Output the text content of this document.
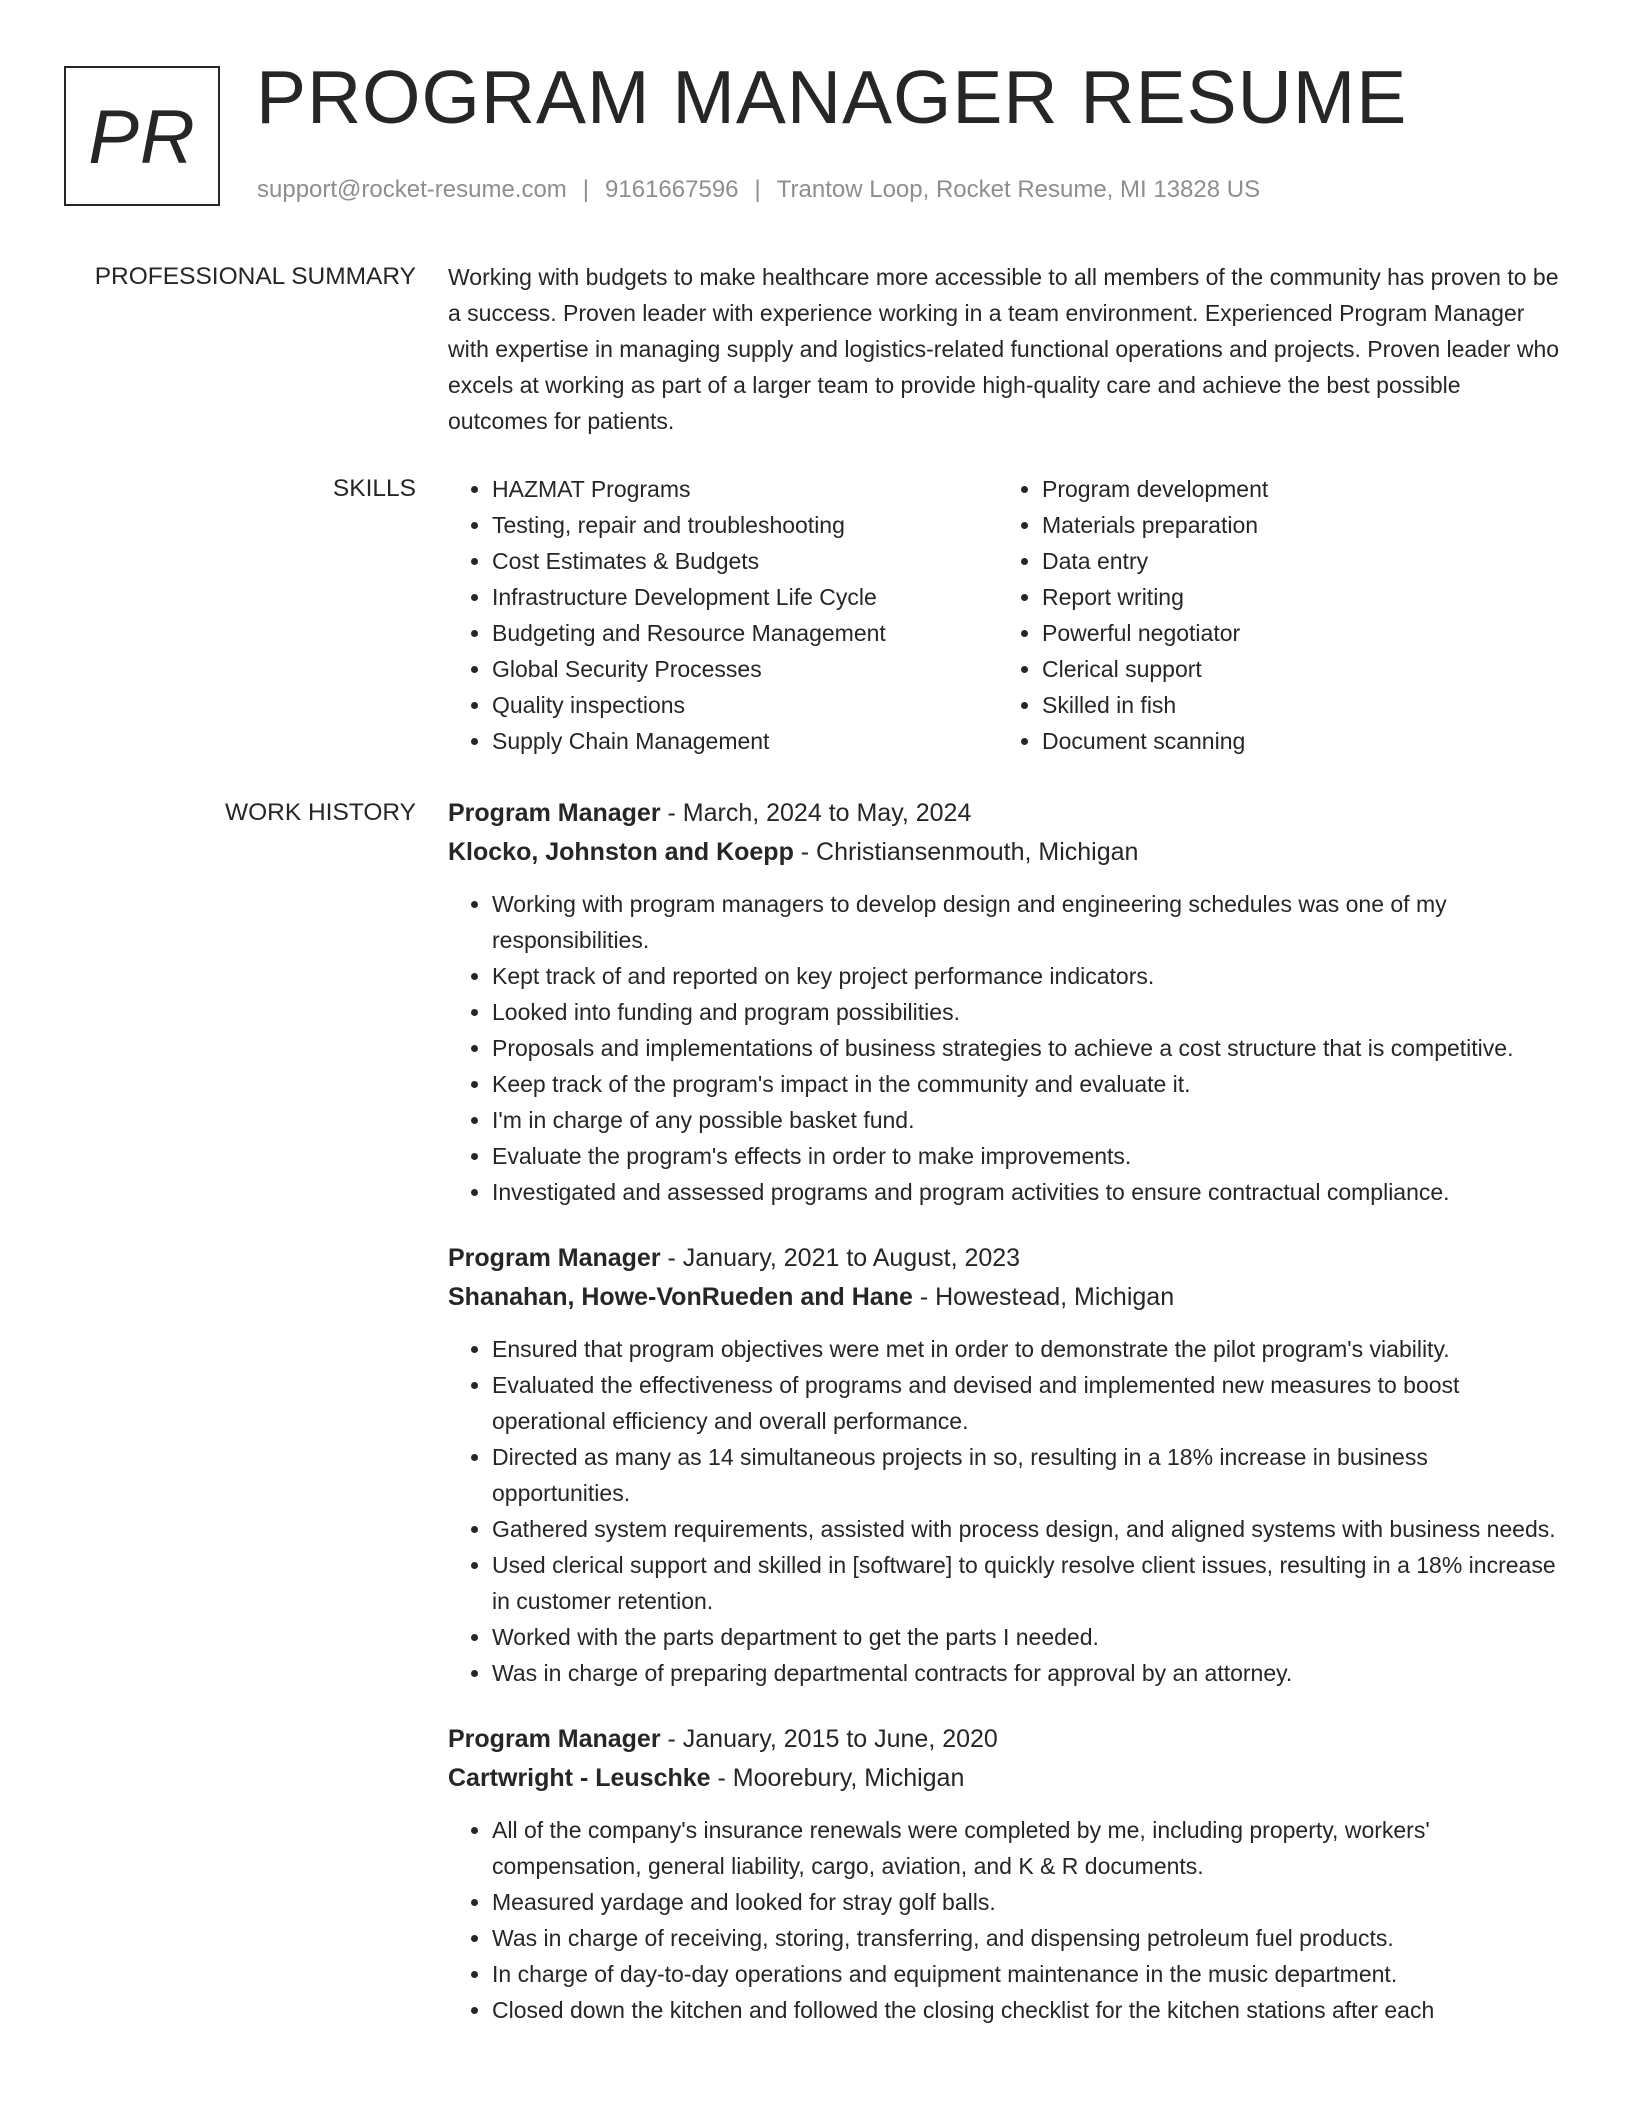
PR PROGRAM MANAGER RESUME
support@rocket-resume.com | 9161667596 | Trantow Loop, Rocket Resume, MI 13828 US
PROFESSIONAL SUMMARY Working with budgets to make healthcare more accessible to all members of the community has proven to be a success. Proven leader with experience working in a team environment. Experienced Program Manager with expertise in managing supply and logistics-related functional operations and projects. Proven leader who excels at working as part of a larger team to provide high-quality care and achieve the best possible outcomes for patients.

SKILLS
•	HAZMAT Programs
• Testing, repair and troubleshooting
• Cost Estimates & Budgets
• Infrastructure Development Life Cycle
• Budgeting and Resource Management
• Global Security Processes
• Quality inspections
• Supply Chain Management
• Program development
• Materials preparation
• Data entry
• Report writing
• Powerful negotiator
• Clerical support
• Skilled in fish
• Document scanning
WORK HISTORY Program Manager - March, 2024 to May, 2024
Klocko, Johnston and Koepp - Christiansenmouth, Michigan
• Working with program managers to develop design and engineering schedules was one of my responsibilities.
• Kept track of and reported on key project performance indicators.
• Looked into funding and program possibilities.
• Proposals and implementations of business strategies to achieve a cost structure that is competitive.
• Keep track of the program's impact in the community and evaluate it.
• I'm in charge of any possible basket fund.
• Evaluate the program's effects in order to make improvements.
• Investigated and assessed programs and program activities to ensure contractual compliance.
Program Manager - January, 2021 to August, 2023
Shanahan, Howe-VonRueden and Hane - Howestead, Michigan
• Ensured that program objectives were met in order to demonstrate the pilot program's viability.
• Evaluated the effectiveness of programs and devised and implemented new measures to boost operational efficiency and overall performance.
• Directed as many as 14 simultaneous projects in so, resulting in a 18% increase in business opportunities.
• Gathered system requirements, assisted with process design, and aligned systems with business needs.
• Used clerical support and skilled in [software] to quickly resolve client issues, resulting in a 18% increase in customer retention.
• Worked with the parts department to get the parts I needed.
• Was in charge of preparing departmental contracts for approval by an attorney.
Program Manager - January, 2015 to June, 2020
Cartwright - Leuschke - Moorebury, Michigan
• All of the company's insurance renewals were completed by me, including property, workers' compensation, general liability, cargo, aviation, and K & R documents.
• Measured yardage and looked for stray golf balls.
• Was in charge of receiving, storing, transferring, and dispensing petroleum fuel products.
• In charge of day-to-day operations and equipment maintenance in the music department.
• Closed down the kitchen and followed the closing checklist for the kitchen stations after each
